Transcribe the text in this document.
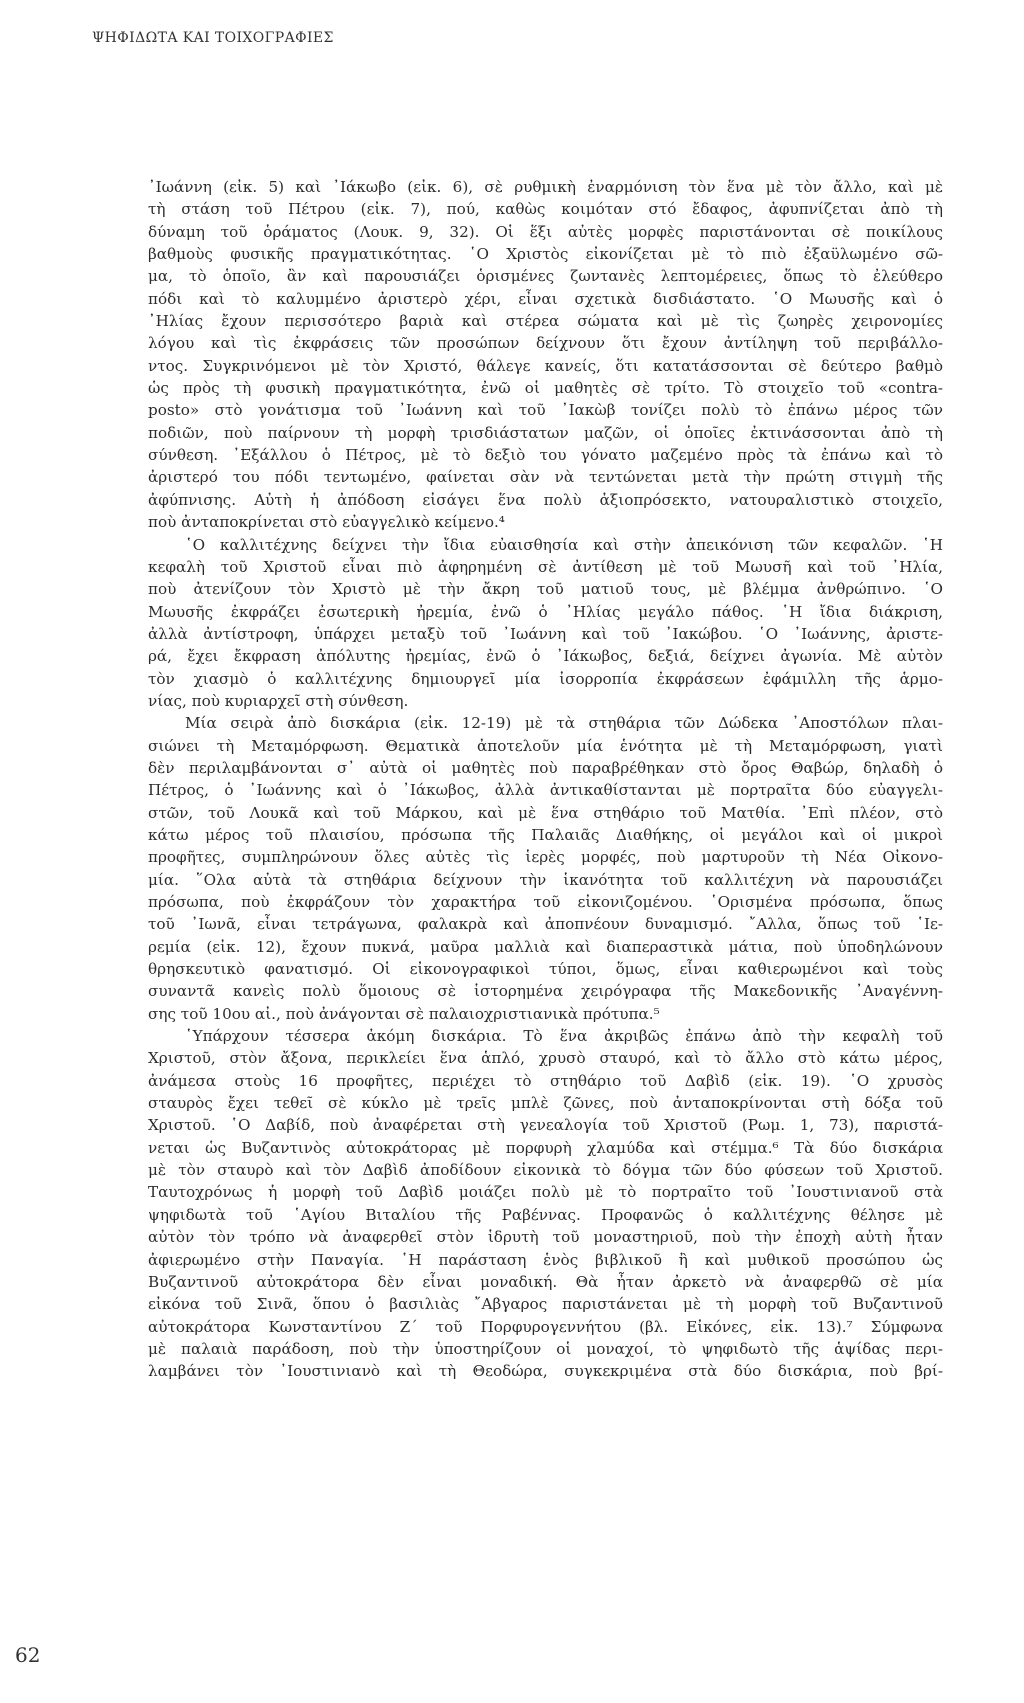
ΨΗΦΙΔΩΤΑ ΚΑΙ ΤΟΙΧΟΓΡΑΦΙΕΣ
᾿Ιωάννη (εἰκ. 5) καὶ ᾿Ιάκωβο (εἰκ. 6), σὲ ρυθμικὴ ἐναρμόνιση τὸν ἕνα μὲ τὸν ἄλλο, καὶ μὲ
τὴ στάση τοῦ Πέτρου (εἰκ. 7), πού, καθὼς κοιμόταν στό ἔδαφος, ἀφυπνίζεται ἀπὸ τὴ
δύναμη τοῦ ὁράματος (Λουκ. 9, 32). Οἱ ἕξι αὐτὲς μορφὲς παριστάνονται σὲ ποικίλους
βαθμοὺς φυσικῆς πραγματικότητας. ῾Ο Χριστὸς εἰκονίζεται μὲ τὸ πιὸ ἐξαϋλωμένο σῶ-
μα, τὸ ὁποῖο, ἂν καὶ παρουσιάζει ὁρισμένες ζωντανὲς λεπτομέρειες, ὅπως τὸ ἐλεύθερο
πόδι καὶ τὸ καλυμμένο ἀριστερὸ χέρι, εἶναι σχετικὰ δισδιάστατο. ῾Ο Μωυσῆς καὶ ὁ
᾿Ηλίας ἔχουν περισσότερο βαριὰ καὶ στέρεα σώματα καὶ μὲ τὶς ζωηρὲς χειρονομίες
λόγου καὶ τὶς ἐκφράσεις τῶν προσώπων δείχνουν ὅτι ἔχουν ἀντίληψη τοῦ περιβάλλο-
ντος. Συγκρινόμενοι μὲ τὸν Χριστό, θάλεγε κανείς, ὅτι κατατάσσονται σὲ δεύτερο βαθμὸ
ὡς πρὸς τὴ φυσικὴ πραγματικότητα, ἐνῶ οἱ μαθητὲς σὲ τρίτο. Τὸ στοιχεῖο τοῦ «contra-
posto» στὸ γονάτισμα τοῦ ᾿Ιωάννη καὶ τοῦ ᾿Ιακὼβ τονίζει πολὺ τὸ ἐπάνω μέρος τῶν
ποδιῶν, ποὺ παίρνουν τὴ μορφὴ τρισδιάστατων μαζῶν, οἱ ὁποῖες ἐκτινάσσονται ἀπὸ τὴ
σύνθεση. ᾿Εξάλλου ὁ Πέτρος, μὲ τὸ δεξιὸ του γόνατο μαζεμένο πρὸς τὰ ἐπάνω καὶ τὸ
ἀριστερό του πόδι τεντωμένο, φαίνεται σὰν νὰ τεντώνεται μετὰ τὴν πρώτη στιγμὴ τῆς
ἀφύπνισης. Αὐτὴ ἡ ἀπόδοση εἰσάγει ἕνα πολὺ ἀξιοπρόσεκτο, νατουραλιστικὸ στοιχεῖο,
ποὺ ἀνταποκρίνεται στὸ εὐαγγελικὸ κείμενο.⁴
῾Ο καλλιτέχνης δείχνει τὴν ἴδια εὐαισθησία καὶ στὴν ἀπεικόνιση τῶν κεφαλῶν. ῾Η
κεφαλὴ τοῦ Χριστοῦ εἶναι πιὸ ἀφηρημένη σὲ ἀντίθεση μὲ τοῦ Μωυσῆ καὶ τοῦ ᾿Ηλία,
ποὺ ἀτενίζουν τὸν Χριστὸ μὲ τὴν ἄκρη τοῦ ματιοῦ τους, μὲ βλέμμα ἀνθρώπινο. ῾Ο
Μωυσῆς ἐκφράζει ἐσωτερικὴ ἠρεμία, ἐνῶ ὁ ᾿Ηλίας μεγάλο πάθος. ῾Η ἴδια διάκριση,
ἀλλὰ ἀντίστροφη, ὑπάρχει μεταξὺ τοῦ ᾿Ιωάννη καὶ τοῦ ᾿Ιακώβου. ῾Ο ᾿Ιωάννης, ἀριστε-
ρά, ἔχει ἔκφραση ἀπόλυτης ἠρεμίας, ἐνῶ ὁ ᾿Ιάκωβος, δεξιά, δείχνει ἀγωνία. Μὲ αὐτὸν
τὸν χιασμὸ ὁ καλλιτέχνης δημιουργεῖ μία ἰσορροπία ἐκφράσεων ἐφάμιλλη τῆς ἁρμο-
νίας, ποὺ κυριαρχεῖ στὴ σύνθεση.
Μία σειρὰ ἀπὸ δισκάρια (εἰκ. 12-19) μὲ τὰ στηθάρια τῶν Δώδεκα ᾿Αποστόλων πλαι-
σιώνει τὴ Μεταμόρφωση. Θεματικὰ ἀποτελοῦν μία ἑνότητα μὲ τὴ Μεταμόρφωση, γιατὶ
δὲν περιλαμβάνονται σ᾿ αὐτὰ οἱ μαθητὲς ποὺ παραβρέθηκαν στὸ ὄρος Θαβώρ, δηλαδὴ ὁ
Πέτρος, ὁ ᾿Ιωάννης καὶ ὁ ᾿Ιάκωβος, ἀλλὰ ἀντικαθίστανται μὲ πορτραῖτα δύο εὐαγγελι-
στῶν, τοῦ Λουκᾶ καὶ τοῦ Μάρκου, καὶ μὲ ἕνα στηθάριο τοῦ Ματθία. ᾿Επὶ πλέον, στὸ
κάτω μέρος τοῦ πλαισίου, πρόσωπα τῆς Παλαιᾶς Διαθήκης, οἱ μεγάλοι καὶ οἱ μικροὶ
προφῆτες, συμπληρώνουν ὅλες αὐτὲς τὶς ἱερὲς μορφές, ποὺ μαρτυροῦν τὴ Νέα Οἰκονο-
μία. ῞Ολα αὐτὰ τὰ στηθάρια δείχνουν τὴν ἱκανότητα τοῦ καλλιτέχνη νὰ παρουσιάζει
πρόσωπα, ποὺ ἐκφράζουν τὸν χαρακτήρα τοῦ εἰκονιζομένου. ῾Ορισμένα πρόσωπα, ὅπως
τοῦ ᾿Ιωνᾶ, εἶναι τετράγωνα, φαλακρὰ καὶ ἀποπνέουν δυναμισμό. ῎Αλλα, ὅπως τοῦ ῾Ιε-
ρεμία (εἰκ. 12), ἔχουν πυκνά, μαῦρα μαλλιὰ καὶ διαπεραστικὰ μάτια, ποὺ ὑποδηλώνουν
θρησκευτικὸ φανατισμό. Οἱ εἰκονογραφικοὶ τύποι, ὅμως, εἶναι καθιερωμένοι καὶ τοὺς
συναντᾶ κανεὶς πολὺ ὅμοιους σὲ ἱστορημένα χειρόγραφα τῆς Μακεδονικῆς ᾿Αναγέννη-
σης τοῦ 10ου αἰ., ποὺ ἀνάγονται σὲ παλαιοχριστιανικὰ πρότυπα.⁵
῾Υπάρχουν τέσσερα ἀκόμη δισκάρια. Τὸ ἕνα ἀκριβῶς ἐπάνω ἀπὸ τὴν κεφαλὴ τοῦ
Χριστοῦ, στὸν ἄξονα, περικλείει ἕνα ἁπλό, χρυσὸ σταυρό, καὶ τὸ ἄλλο στὸ κάτω μέρος,
ἀνάμεσα στοὺς 16 προφῆτες, περιέχει τὸ στηθάριο τοῦ Δαβὶδ (εἰκ. 19). ῾Ο χρυσὸς
σταυρὸς ἔχει τεθεῖ σὲ κύκλο μὲ τρεῖς μπλὲ ζῶνες, ποὺ ἀνταποκρίνονται στὴ δόξα τοῦ
Χριστοῦ. ῾Ο Δαβίδ, ποὺ ἀναφέρεται στὴ γενεαλογία τοῦ Χριστοῦ (Ρωμ. 1, 73), παριστά-
νεται ὡς Βυζαντινὸς αὐτοκράτορας μὲ πορφυρὴ χλαμύδα καὶ στέμμα.⁶ Τὰ δύο δισκάρια
μὲ τὸν σταυρὸ καὶ τὸν Δαβὶδ ἀποδίδουν εἰκονικὰ τὸ δόγμα τῶν δύο φύσεων τοῦ Χριστοῦ.
Ταυτοχρόνως ἡ μορφὴ τοῦ Δαβὶδ μοιάζει πολὺ μὲ τὸ πορτραῖτο τοῦ ᾿Ιουστινιανοῦ στὰ
ψηφιδωτὰ τοῦ ῾Αγίου Βιταλίου τῆς Ραβέννας. Προφανῶς ὁ καλλιτέχνης θέλησε μὲ
αὐτὸν τὸν τρόπο νὰ ἀναφερθεῖ στὸν ἱδρυτὴ τοῦ μοναστηριοῦ, ποὺ τὴν ἐποχὴ αὐτὴ ἦταν
ἀφιερωμένο στὴν Παναγία. ῾Η παράσταση ἑνὸς βιβλικοῦ ἢ καὶ μυθικοῦ προσώπου ὡς
Βυζαντινοῦ αὐτοκράτορα δὲν εἶναι μοναδική. Θὰ ἦταν ἀρκετὸ νὰ ἀναφερθῶ σὲ μία
εἰκόνα τοῦ Σινᾶ, ὅπου ὁ βασιλιὰς ῎Αβγαρος παριστάνεται μὲ τὴ μορφὴ τοῦ Βυζαντινοῦ
αὐτοκράτορα Κωνσταντίνου Ζ´ τοῦ Πορφυρογεννήτου (βλ. Εἰκόνες, εἰκ. 13).⁷ Σύμφωνα
μὲ παλαιὰ παράδοση, ποὺ τὴν ὑποστηρίζουν οἱ μοναχοί, τὸ ψηφιδωτὸ τῆς ἁψίδας περι-
λαμβάνει τὸν ᾿Ιουστινιανὸ καὶ τὴ Θεοδώρα, συγκεκριμένα στὰ δύο δισκάρια, ποὺ βρί-
62
